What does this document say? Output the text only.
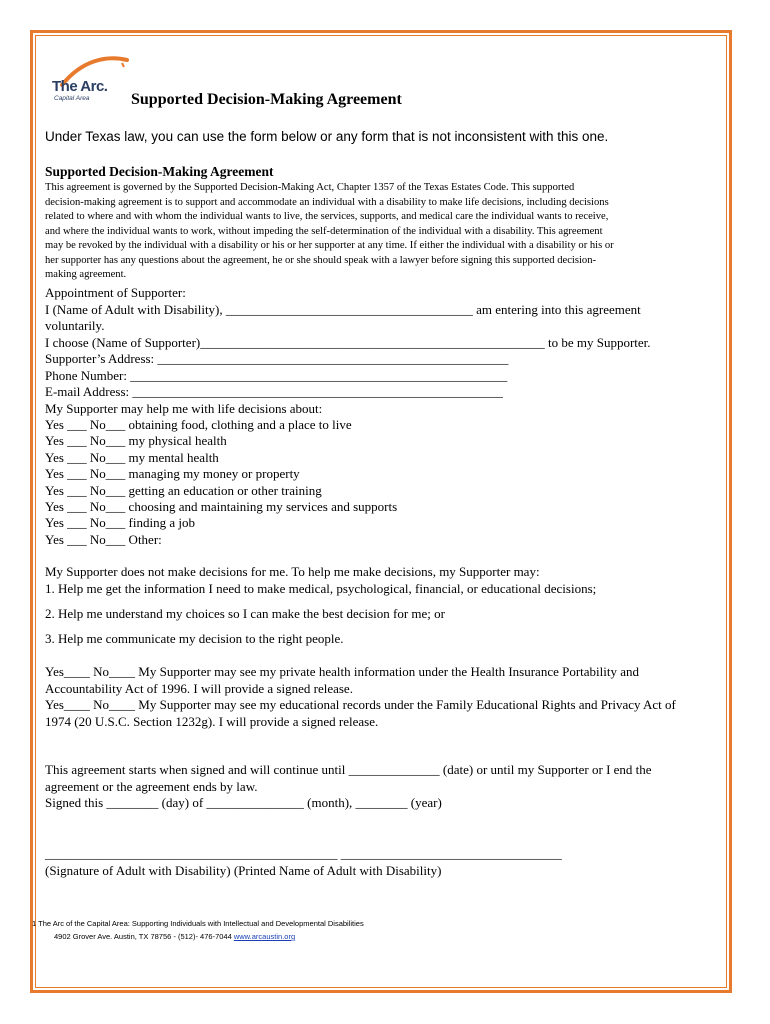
The Arc.
Capital Area	Supported Decision-Making Agreement
Under Texas law, you can use the form below or any form that is not inconsistent with this one.
Supported Decision-Making Agreement
This agreement is governed by the Supported Decision-Making Act, Chapter 1357 of the Texas Estates Code. This supported
decision-making agreement is to support and accommodate an individual with a disability to make life decisions, including decisions
related to where and with whom the individual wants to live, the services, supports, and medical care the individual wants to receive,
and where the individual wants to work, without impeding the self-determination of the individual with a disability. This agreement
may be revoked by the individual with a disability or his or her supporter at any time. If either the individual with a disability or his or
her supporter has any questions about the agreement, he or she should speak with a lawyer before signing this supported decision-
making agreement.
Appointment of Supporter:
I (Name of Adult with Disability), ______________________________________ am entering into this agreement
voluntarily.
I choose (Name of Supporter)_____________________________________________________ to be my Supporter.
Supporter’s Address: ______________________________________________________
Phone Number: __________________________________________________________
E-mail Address: _________________________________________________________
My Supporter may help me with life decisions about:
Yes ___ No___ obtaining food, clothing and a place to live
Yes ___ No___ my physical health
Yes ___ No___ my mental health
Yes ___ No___ managing my money or property
Yes ___ No___ getting an education or other training
Yes ___ No___ choosing and maintaining my services and supports
Yes ___ No___ finding a job
Yes ___ No___ Other:
My Supporter does not make decisions for me. To help me make decisions, my Supporter may:
1. Help me get the information I need to make medical, psychological, financial, or educational decisions;
2. Help me understand my choices so I can make the best decision for me; or
3. Help me communicate my decision to the right people.
Yes____ No____ My Supporter may see my private health information under the Health Insurance Portability and
Accountability Act of 1996. I will provide a signed release.
Yes____ No____ My Supporter may see my educational records under the Family Educational Rights and Privacy Act of
1974 (20 U.S.C. Section 1232g). I will provide a signed release.
This agreement starts when signed and will continue until ______________ (date) or until my Supporter or I end the
agreement or the agreement ends by law.
Signed this ________ (day) of _______________ (month), ________ (year)
_____________________________________________ __________________________________
(Signature of Adult with Disability) (Printed Name of Adult with Disability)
1 The Arc of the Capital Area: Supporting Individuals with Intellectual and Developmental Disabilities
4902 Grover Ave. Austin, TX 78756 - (512)- 476-7044 www.arcaustin.org
